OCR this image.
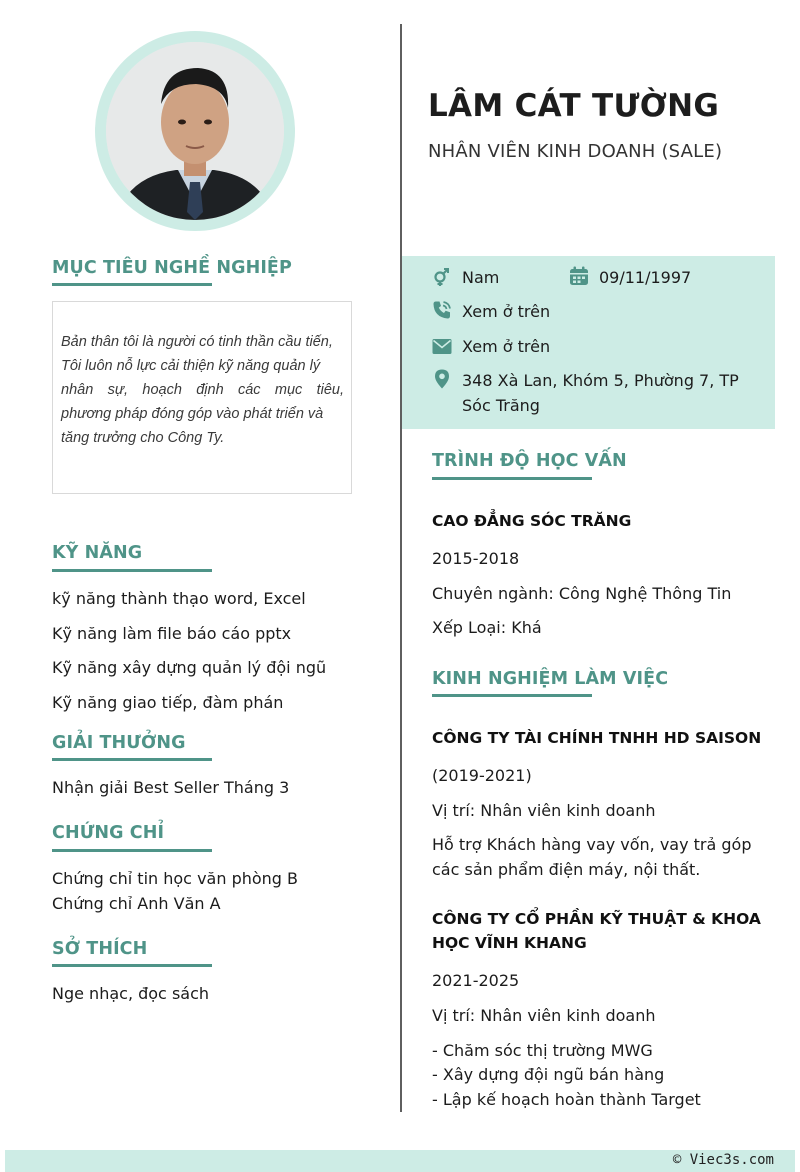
MỤC TIÊU NGHỀ NGHIỆP
Bản thân tôi là người có tinh thần cầu tiến,
Tôi luôn nỗ lực cải thiện kỹ năng quản lý
nhân sự, hoạch định các mục tiêu,
phương pháp đóng góp vào phát triển và
tăng trưởng cho Công Ty.
KỸ NĂNG
kỹ năng thành thạo word, Excel
Kỹ năng làm file báo cáo pptx
Kỹ năng xây dựng quản lý đội ngũ
Kỹ năng giao tiếp, đàm phán
GIẢI THƯỞNG
Nhận giải Best Seller Tháng 3
CHỨNG CHỈ
Chứng chỉ tin học văn phòng B
Chứng chỉ Anh Văn A
SỞ THÍCH
Nge nhạc, đọc sách
LÂM CÁT TƯỜNG
NHÂN VIÊN KINH DOANH (SALE)
Nam	09/11/1997
Xem ở trên
Xem ở trên
348 Xà Lan, Khóm 5, Phường 7, TP
Sóc Trăng
TRÌNH ĐỘ HỌC VẤN
CAO ĐẲNG SÓC TRĂNG
2015-2018
Chuyên ngành: Công Nghệ Thông Tin
Xếp Loại: Khá
KINH NGHIỆM LÀM VIỆC
CÔNG TY TÀI CHÍNH TNHH HD SAISON
(2019-2021)
Vị trí: Nhân viên kinh doanh
Hỗ trợ Khách hàng vay vốn, vay trả góp
các sản phẩm điện máy, nội thất.
CÔNG TY CỔ PHẦN KỸ THUẬT & KHOA
HỌC VĨNH KHANG
2021-2025
Vị trí: Nhân viên kinh doanh
- Chăm sóc thị trường MWG
- Xây dựng đội ngũ bán hàng
- Lập kế hoạch hoàn thành Target
© Viec3s.com
